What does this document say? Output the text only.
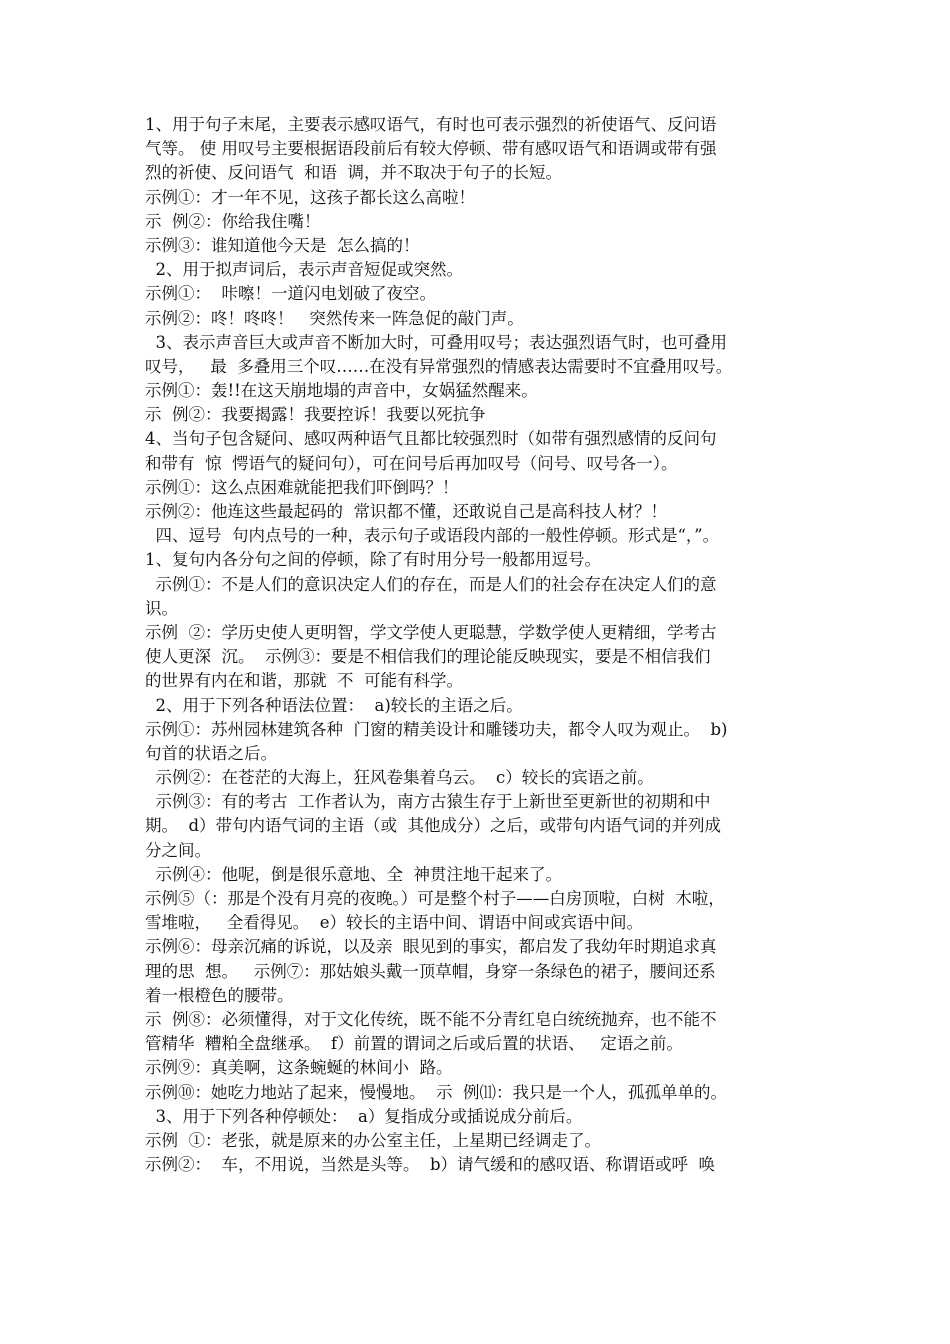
1、用于句子末尾，主要表示感叹语气，有时也可表示强烈的祈使语气、反问语
气等。 使 用叹号主要根据语段前后有较大停顿、带有感叹语气和语调或带有强
烈的祈使、反问语气  和语  调，并不取决于句子的长短。
示例①：才一年不见，这孩子都长这么高啦！
示  例②：你给我住嘴！
示例③：谁知道他今天是  怎么搞的！
2、用于拟声词后，表示声音短促或突然。
示例①：  咔嚓！一道闪电划破了夜空。
示例②：咚！咚咚！   突然传来一阵急促的敲门声。
3、表示声音巨大或声音不断加大时，可叠用叹号；表达强烈语气时，也可叠用
叹号，   最  多叠用三个叹……在没有异常强烈的情感表达需要时不宜叠用叹号。
示例①：轰!!在这天崩地塌的声音中，女娲猛然醒来。
示  例②：我要揭露！我要控诉！我要以死抗争
4、当句子包含疑问、感叹两种语气且都比较强烈时（如带有强烈感情的反问句
和带有  惊  愕语气的疑问句），可在问号后再加叹号（问号、叹号各一）。
示例①：这么点困难就能把我们吓倒吗？！
示例②：他连这些最起码的  常识都不懂，还敢说自己是高科技人材？！
四、逗号  句内点号的一种，表示句子或语段内部的一般性停顿。形式是“，”。
1、复句内各分句之间的停顿，除了有时用分号一般都用逗号。
示例①：不是人们的意识决定人们的存在，而是人们的社会存在决定人们的意
识。
示例  ②：学历史使人更明智，学文学使人更聪慧，学数学使人更精细，学考古
使人更深  沉。  示例③：要是不相信我们的理论能反映现实，要是不相信我们
的世界有内在和谐，那就  不  可能有科学。
2、用于下列各种语法位置：  a)较长的主语之后。
示例①：苏州园林建筑各种  门窗的精美设计和雕镂功夫，都令人叹为观止。  b)
句首的状语之后。
示例②：在苍茫的大海上，狂风卷集着乌云。  c）较长的宾语之前。
示例③：有的考古  工作者认为，南方古猿生存于上新世至更新世的初期和中
期。  d）带句内语气词的主语（或  其他成分）之后，或带句内语气词的并列成
分之间。
示例④：他呢，倒是很乐意地、全  神贯注地干起来了。
示例⑤（：那是个没有月亮的夜晚。）可是整个村子——白房顶啦，白树  木啦，
雪堆啦，   全看得见。  e）较长的主语中间、谓语中间或宾语中间。
示例⑥：母亲沉痛的诉说，以及亲  眼见到的事实，都启发了我幼年时期追求真
理的思  想。   示例⑦：那姑娘头戴一顶草帽，身穿一条绿色的裙子，腰间还系
着一根橙色的腰带。
示  例⑧：必须懂得，对于文化传统，既不能不分青红皂白统统抛弃，也不能不
管精华  糟粕全盘继承。  f）前置的谓词之后或后置的状语、   定语之前。
示例⑨：真美啊，这条蜿蜒的林间小  路。
示例⑩：她吃力地站了起来，慢慢地。  示  例⑾：我只是一个人，孤孤单单的。
3、用于下列各种停顿处：  a）复指成分或插说成分前后。
示例  ①：老张，就是原来的办公室主任，上星期已经调走了。
示例②：  车，不用说，当然是头等。  b）请气缓和的感叹语、称谓语或呼  唤
